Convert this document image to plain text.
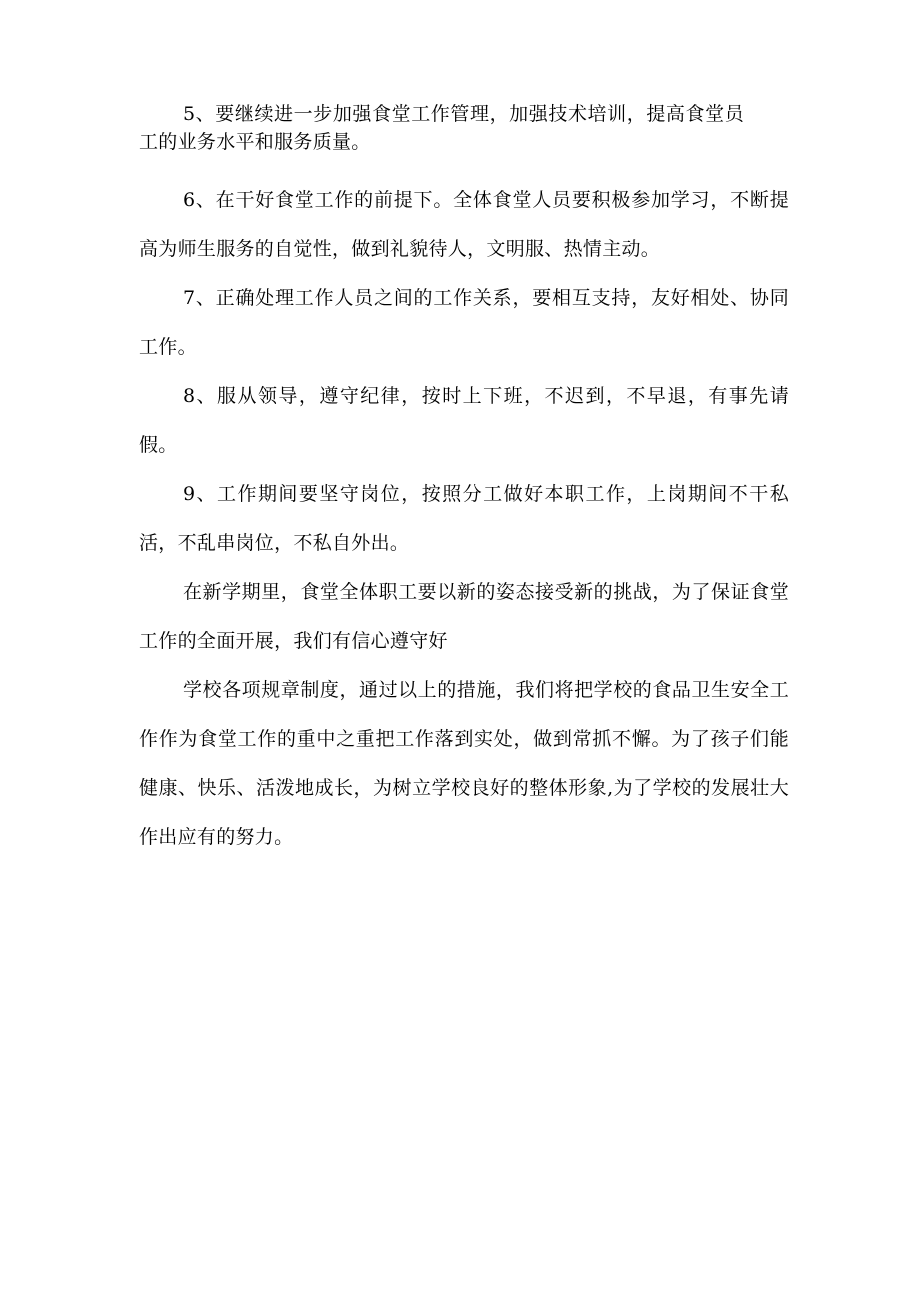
5、要继续进一步加强食堂工作管理，加强技术培训，提高食堂员工的业务水平和服务质量。

6、在干好食堂工作的前提下。全体食堂人员要积极参加学习，不断提高为师生服务的自觉性，做到礼貌待人，文明服、热情主动。

7、正确处理工作人员之间的工作关系，要相互支持，友好相处、协同工作。

8、服从领导，遵守纪律，按时上下班，不迟到，不早退，有事先请假。

9、工作期间要坚守岗位，按照分工做好本职工作，上岗期间不干私活，不乱串岗位，不私自外出。

在新学期里，食堂全体职工要以新的姿态接受新的挑战，为了保证食堂工作的全面开展，我们有信心遵守好

学校各项规章制度，通过以上的措施，我们将把学校的食品卫生安全工作作为食堂工作的重中之重把工作落到实处，做到常抓不懈。为了孩子们能健康、快乐、活泼地成长，为树立学校良好的整体形象,为了学校的发展壮大作出应有的努力。
